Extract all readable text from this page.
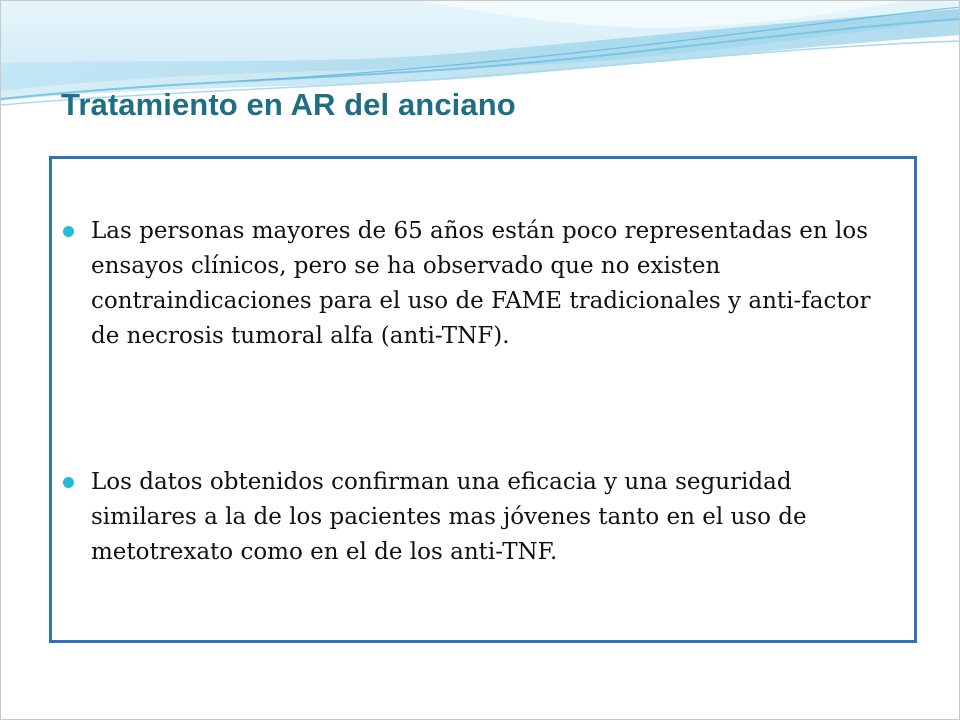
Tratamiento en AR del anciano

Las personas mayores de 65 años están poco representadas en los ensayos clínicos, pero se ha observado que no existen contraindicaciones para el uso de FAME tradicionales y anti-factor de necrosis tumoral alfa (anti-TNF).

Los datos obtenidos confirman una eficacia y una seguridad similares a la de los pacientes mas jóvenes tanto en el uso de metotrexato como en el de los anti-TNF.
